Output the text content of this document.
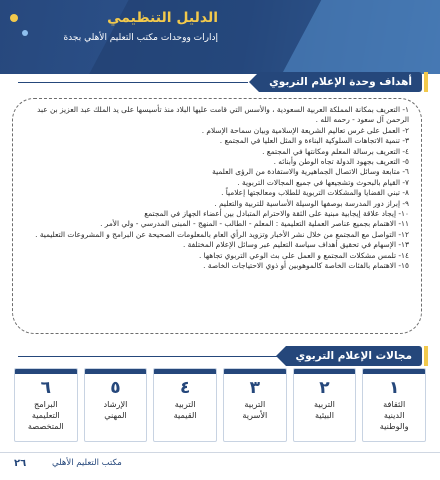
الدليل التنظيمي
إدارات ووحدات مكتب التعليم الأهلي بجدة
أهداف وحدة الإعلام التربوي
١- التعريف بمكانة المملكة العربية السعودية ، والأسس التي قامت عليها البلاد منذ تأسيسها على يد الملك عبد العزيز بن عبد الرحمن آل سعود - رحمه الله .
٢- العمل على غرس تعاليم الشريعة الإسلامية وبيان سماحة الإسلام .
٣- تنمية الاتجاهات السلوكية البناءة و المثل العليا في المجتمع .
٤- التعريف برسالة المعلم ومكانتها في المجتمع .
٥- التعريف بجهود الدولة تجاه الوطن وأبنائه .
٦- متابعة وسائل الاتصال الجماهيرية والاستفادة من الرؤى العلمية
٧- القيام بالبحوث وتشجيعها في جميع المجالات التربوية .
٨- تبني القضايا والمشكلات التربوية للطلاب ومعالجتها إعلامياً .
٩- إبراز دور المدرسة بوصفها الوسيلة الأساسية للتربية والتعليم .
١٠- إيجاد علاقة إيجابية مبنية على الثقة والاحترام المتبادل بين أعضاء الجهاز في المجتمع
١١- الاهتمام بجميع عناصر العملية التعليمية : المعلم - الطالب - المنهج - المبنى المدرسي - ولي الأمر .
١٢- التواصل مع المجتمع من خلال نشر الأخبار وتزويد الرأي العام بالمعلومات الصحيحة عن البرامج و المشروعات التعليمية .
١٣- الإسهام في تحقيق أهداف سياسة التعليم عبر وسائل الإعلام المختلفة .
١٤- تلمس مشكلات المجتمع و العمل على بث الوعي التربوي تجاهها .
١٥- الاهتمام بالفئات الخاصة كالموهوبين أو ذوي الاحتياجات الخاصة .
مجالات الإعلام التربوي
١
الثقافة
الدينية
والوطنية
٢
التربية
البيئية
٣
التربية
الأسرية
٤
التربية
القيمية
٥
الإرشاد
المهني
٦
البرامج
التعليمية
المتخصصة
٢٦	مكتب التعليم الأهلي
